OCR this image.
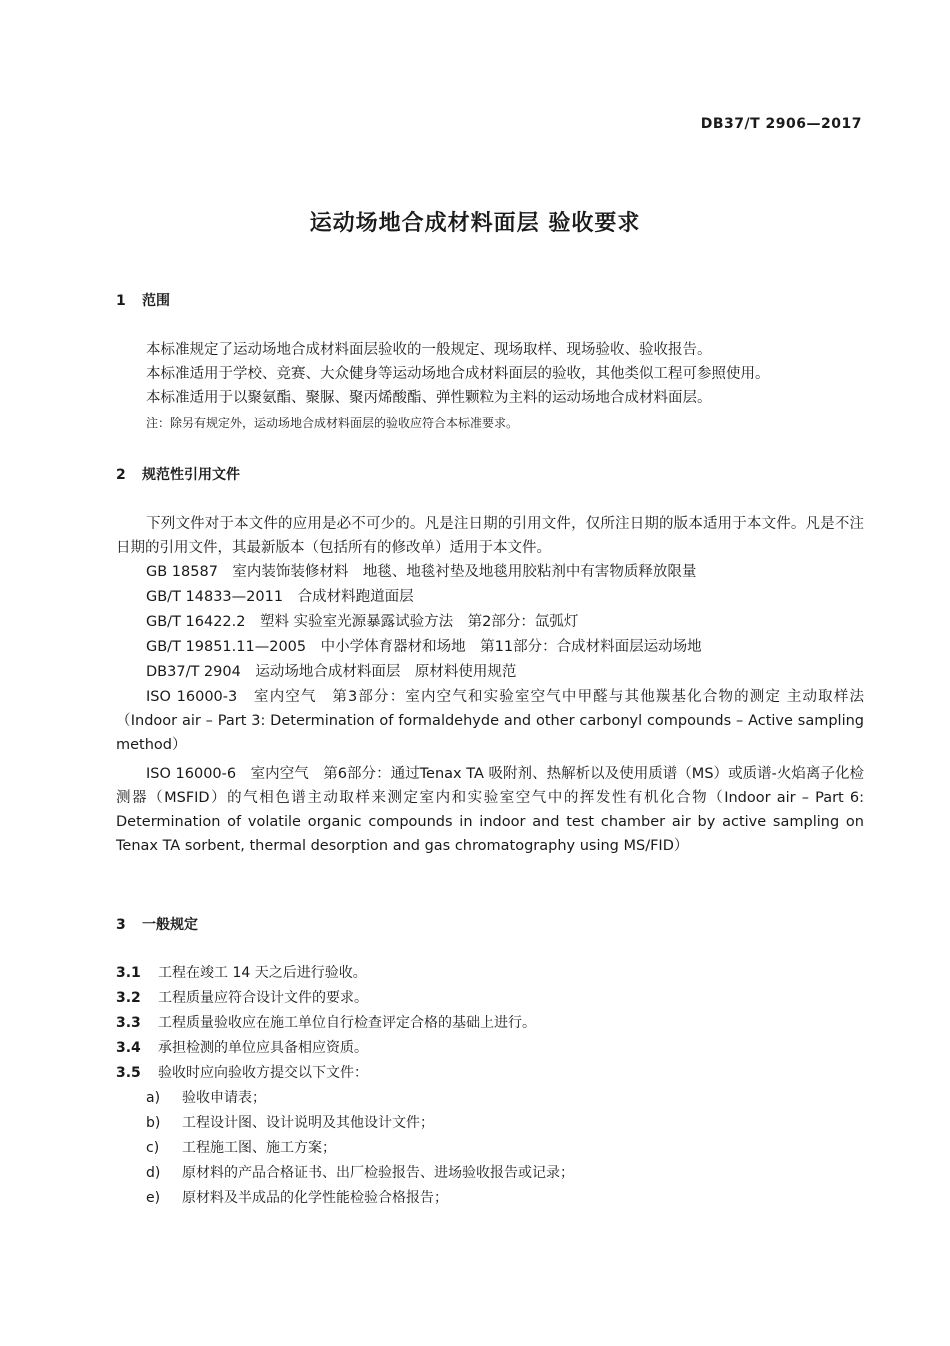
DB37/T 2906—2017
运动场地合成材料面层 验收要求
1 范围
本标准规定了运动场地合成材料面层验收的一般规定、现场取样、现场验收、验收报告。
本标准适用于学校、竞赛、大众健身等运动场地合成材料面层的验收，其他类似工程可参照使用。
本标准适用于以聚氨酯、聚脲、聚丙烯酸酯、弹性颗粒为主料的运动场地合成材料面层。
注：除另有规定外，运动场地合成材料面层的验收应符合本标准要求。
2 规范性引用文件
下列文件对于本文件的应用是必不可少的。凡是注日期的引用文件，仅所注日期的版本适用于本文件。凡是不注日期的引用文件，其最新版本（包括所有的修改单）适用于本文件。
GB 18587　室内装饰装修材料　地毯、地毯衬垫及地毯用胶粘剂中有害物质释放限量
GB/T 14833—2011　合成材料跑道面层
GB/T 16422.2　塑料 实验室光源暴露试验方法　第2部分：氙弧灯
GB/T 19851.11—2005　中小学体育器材和场地　第11部分：合成材料面层运动场地
DB37/T 2904　运动场地合成材料面层　原材料使用规范
ISO 16000-3　室内空气　第3部分：室内空气和实验室空气中甲醛与其他羰基化合物的测定 主动取样法（Indoor air – Part 3: Determination of formaldehyde and other carbonyl compounds – Active sampling method）
ISO 16000-6　室内空气　第6部分：通过Tenax TA 吸附剂、热解析以及使用质谱（MS）或质谱-火焰离子化检测器（MSFID）的气相色谱主动取样来测定室内和实验室空气中的挥发性有机化合物（Indoor air – Part 6: Determination of volatile organic compounds in indoor and test chamber air by active sampling on Tenax TA sorbent, thermal desorption and gas chromatography using MS/FID）
3 一般规定
3.1 工程在竣工 14 天之后进行验收。
3.2 工程质量应符合设计文件的要求。
3.3 工程质量验收应在施工单位自行检查评定合格的基础上进行。
3.4 承担检测的单位应具备相应资质。
3.5 验收时应向验收方提交以下文件：
a) 验收申请表；
b) 工程设计图、设计说明及其他设计文件；
c) 工程施工图、施工方案；
d) 原材料的产品合格证书、出厂检验报告、进场验收报告或记录；
e) 原材料及半成品的化学性能检验合格报告；
